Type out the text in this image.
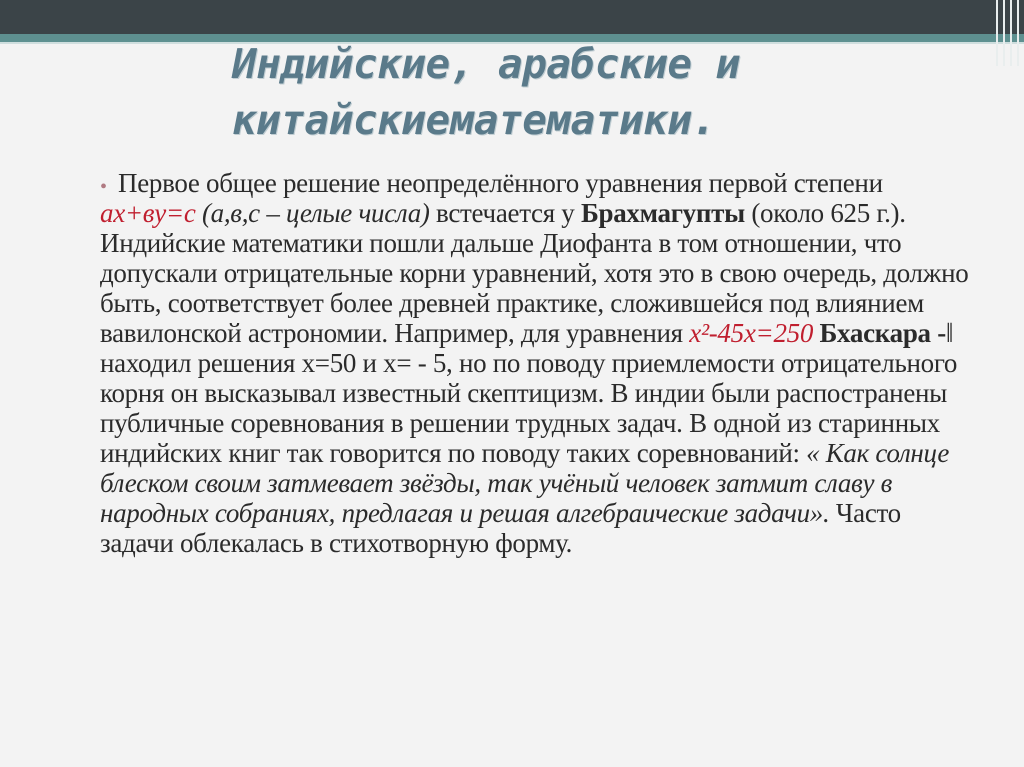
Индийские, арабские и
китайскиематематики.
• Первое общее решение неопределённого уравнения первой степени ax+ву=c (а,в,с – целые числа) встечается у Брахмагупты (около 625 г.). Индийские математики пошли дальше Диофанта в том отношении, что допускали отрицательные корни уравнений, хотя это в свою очередь, должно быть, соответствует более древней практике, сложившейся под влиянием вавилонской астрономии. Например, для уравнения x²-45x=250 Бхаскара -ǁ находил решения x=50 и x= - 5, но по поводу приемлемости отрицательного корня он высказывал известный скептицизм. В индии были распостранены публичные соревнования в решении трудных задач. В одной из старинных индийских книг так говорится по поводу таких соревнований: « Как солнце блеском своим затмевает звёзды, так учёный человек затмит славу в народных собраниях, предлагая и решая алгебраические задачи». Часто задачи облекалась в стихотворную форму.
